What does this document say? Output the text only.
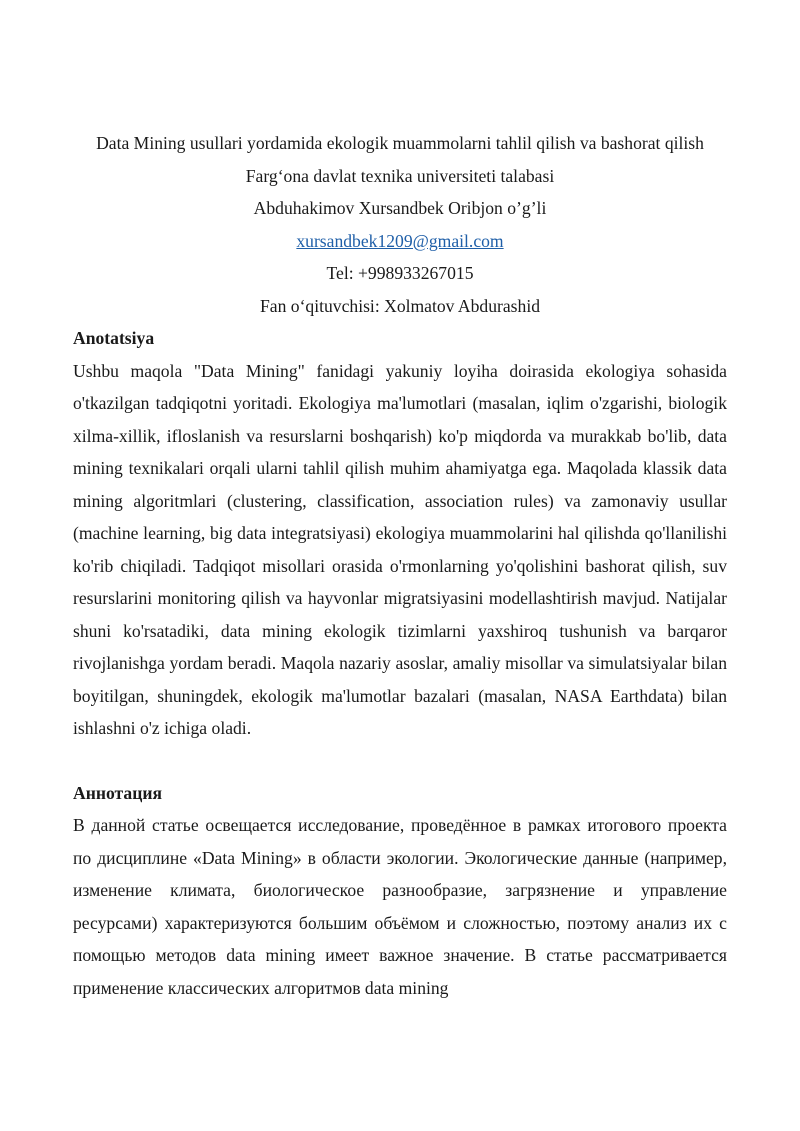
Data Mining usullari yordamida ekologik muammolarni tahlil qilish va bashorat qilish
Farg‘ona davlat texnika universiteti talabasi
Abduhakimov Xursandbek Oribjon o’g’li
xursandbek1209@gmail.com
Tel: +998933267015
Fan o‘qituvchisi: Xolmatov Abdurashid

Anotatsiya

Ushbu maqola "Data Mining" fanidagi yakuniy loyiha doirasida ekologiya sohasida o'tkazilgan tadqiqotni yoritadi. Ekologiya ma'lumotlari (masalan, iqlim o'zgarishi, biologik xilma-xillik, ifloslanish va resurslarni boshqarish) ko'p miqdorda va murakkab bo'lib, data mining texnikalari orqali ularni tahlil qilish muhim ahamiyatga ega. Maqolada klassik data mining algoritmlari (clustering, classification, association rules) va zamonaviy usullar (machine learning, big data integratsiyasi) ekologiya muammolarini hal qilishda qo'llanilishi ko'rib chiqiladi. Tadqiqot misollari orasida o'rmonlarning yo'qolishini bashorat qilish, suv resurslarini monitoring qilish va hayvonlar migratsiyasini modellashtirish mavjud. Natijalar shuni ko'rsatadiki, data mining ekologik tizimlarni yaxshiroq tushunish va barqaror rivojlanishga yordam beradi. Maqola nazariy asoslar, amaliy misollar va simulatsiyalar bilan boyitilgan, shuningdek, ekologik ma'lumotlar bazalari (masalan, NASA Earthdata) bilan ishlashni o'z ichiga oladi.

Аннотация

В данной статье освещается исследование, проведённое в рамках итогового проекта по дисциплине «Data Mining» в области экологии. Экологические данные (например, изменение климата, биологическое разнообразие, загрязнение и управление ресурсами) характеризуются большим объёмом и сложностью, поэтому анализ их с помощью методов data mining имеет важное значение. В статье рассматривается применение классических алгоритмов data mining
